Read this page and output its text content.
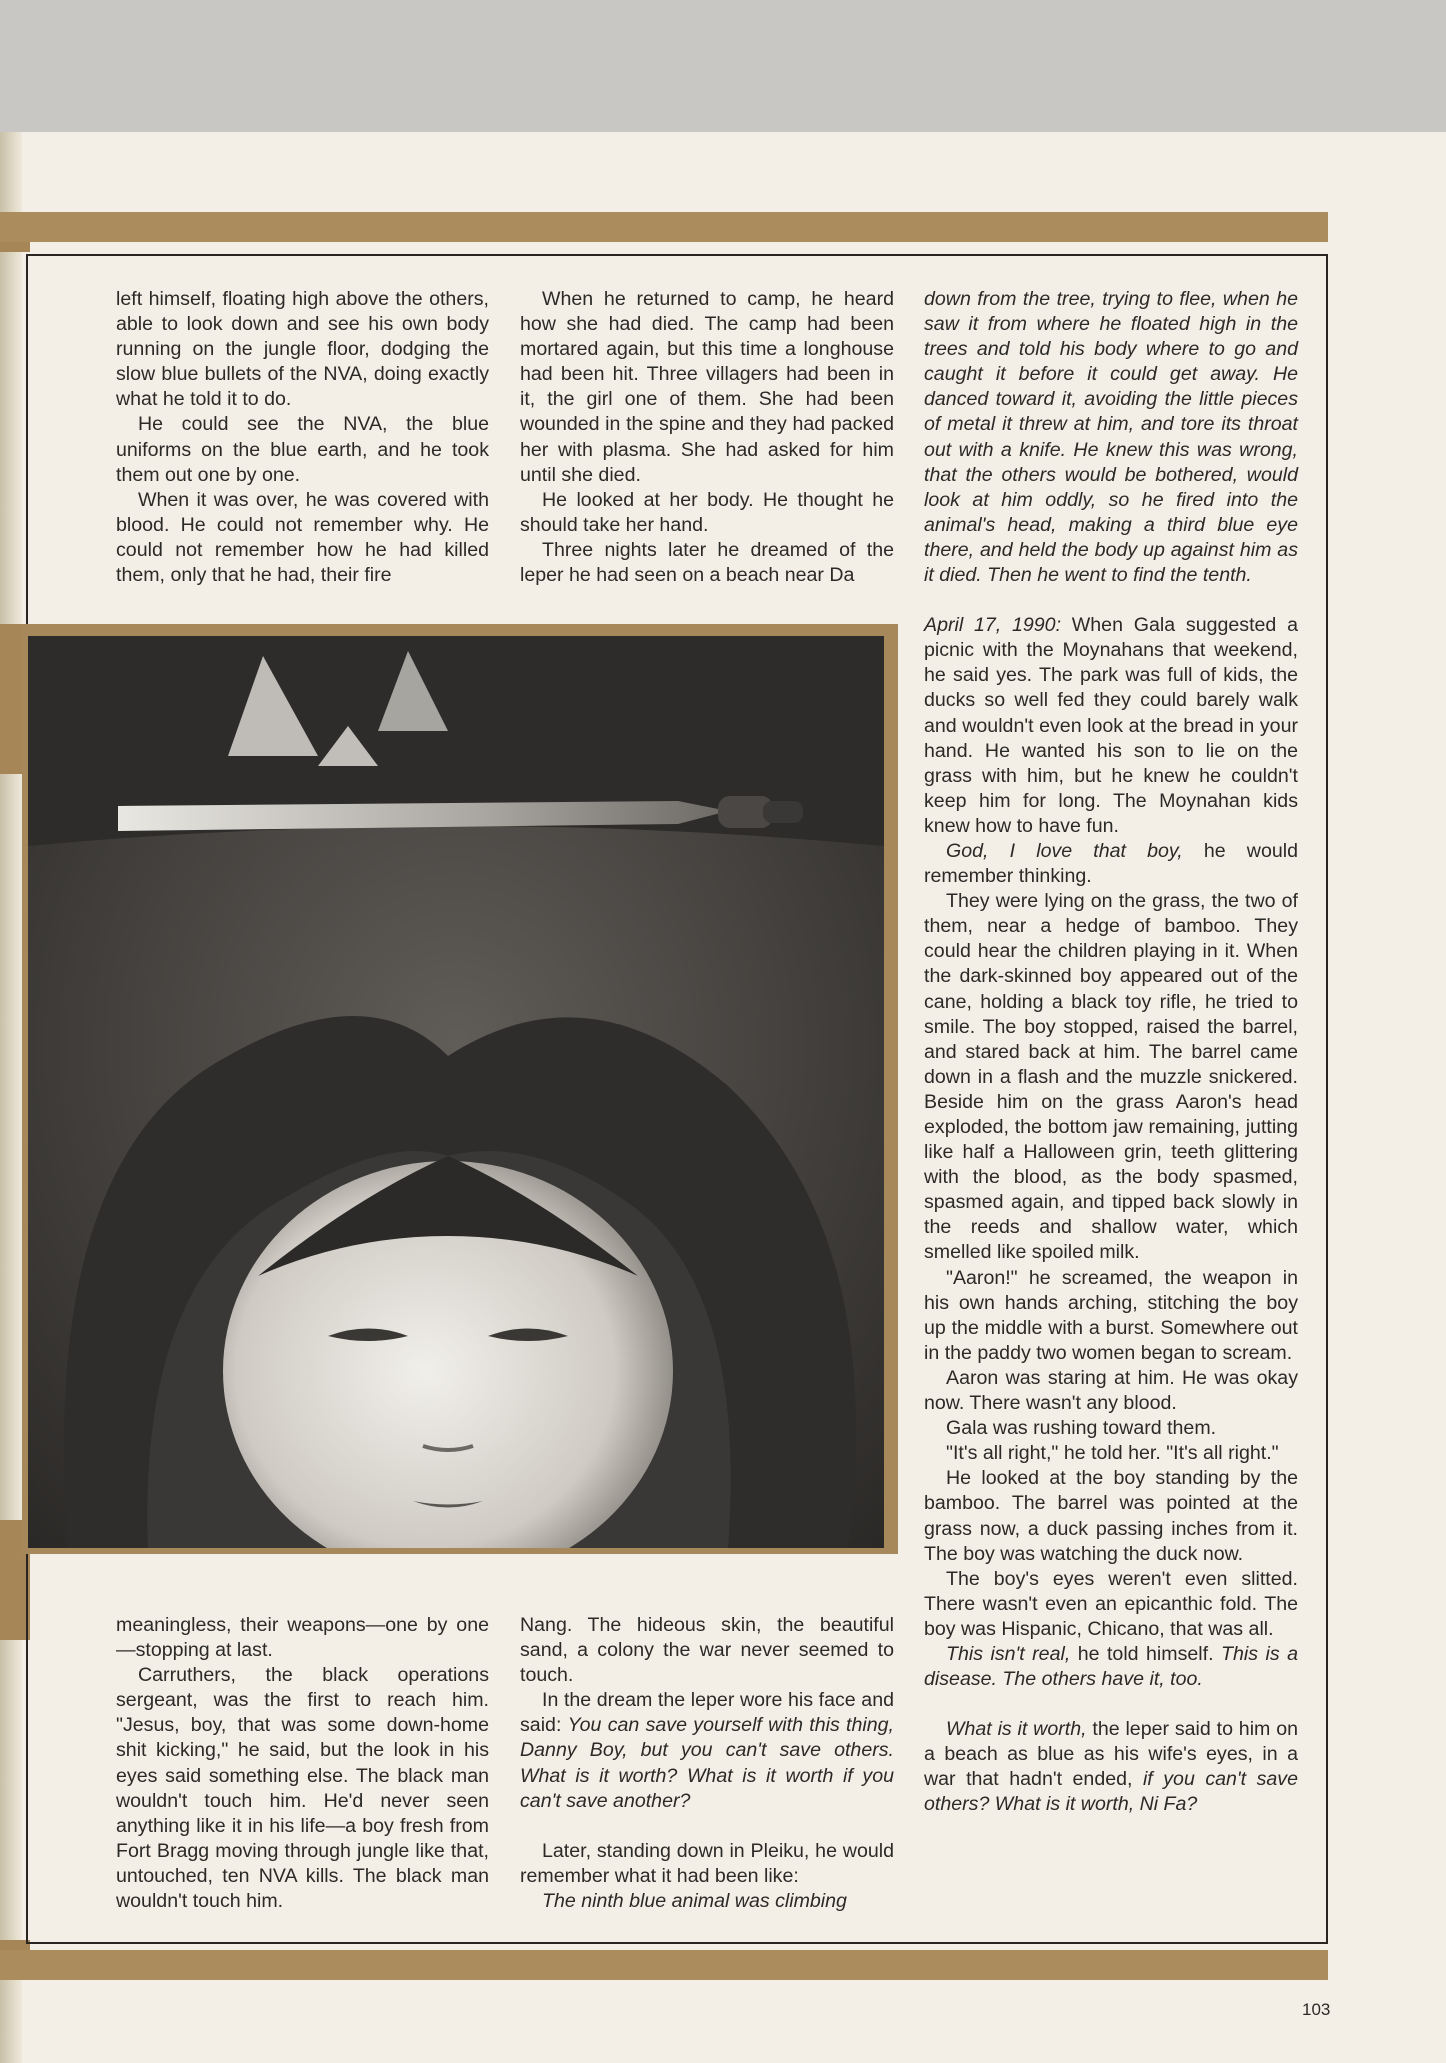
left himself, floating high above the others, able to look down and see his own body running on the jungle floor, dodging the slow blue bullets of the NVA, doing exactly what he told it to do.

He could see the NVA, the blue uniforms on the blue earth, and he took them out one by one.

When it was over, he was covered with blood. He could not remember why. He could not remember how he had killed them, only that he had, their fire

When he returned to camp, he heard how she had died. The camp had been mortared again, but this time a longhouse had been hit. Three villagers had been in it, the girl one of them. She had been wounded in the spine and they had packed her with plasma. She had asked for him until she died.

He looked at her body. He thought he should take her hand.

Three nights later he dreamed of the leper he had seen on a beach near Da

down from the tree, trying to flee, when he saw it from where he floated high in the trees and told his body where to go and caught it before it could get away. He danced toward it, avoiding the little pieces of metal it threw at him, and tore its throat out with a knife. He knew this was wrong, that the others would be bothered, would look at him oddly, so he fired into the animal's head, making a third blue eye there, and held the body up against him as it died. Then he went to find the tenth.

April 17, 1990: When Gala suggested a picnic with the Moynahans that weekend, he said yes. The park was full of kids, the ducks so well fed they could barely walk and wouldn't even look at the bread in your hand. He wanted his son to lie on the grass with him, but he knew he couldn't keep him for long. The Moynahan kids knew how to have fun.

God, I love that boy, he would remember thinking.

They were lying on the grass, the two of them, near a hedge of bamboo. They could hear the children playing in it. When the dark-skinned boy appeared out of the cane, holding a black toy rifle, he tried to smile. The boy stopped, raised the barrel, and stared back at him. The barrel came down in a flash and the muzzle snickered. Beside him on the grass Aaron's head exploded, the bottom jaw remaining, jutting like half a Halloween grin, teeth glittering with the blood, as the body spasmed, spasmed again, and tipped back slowly in the reeds and shallow water, which smelled like spoiled milk.

"Aaron!" he screamed, the weapon in his own hands arching, stitching the boy up the middle with a burst. Somewhere out in the paddy two women began to scream.

Aaron was staring at him. He was okay now. There wasn't any blood.

Gala was rushing toward them.

"It's all right," he told her. "It's all right."

He looked at the boy standing by the bamboo. The barrel was pointed at the grass now, a duck passing inches from it. The boy was watching the duck now.

The boy's eyes weren't even slitted. There wasn't even an epicanthic fold. The boy was Hispanic, Chicano, that was all.

This isn't real, he told himself. This is a disease. The others have it, too.

What is it worth, the leper said to him on a beach as blue as his wife's eyes, in a war that hadn't ended, if you can't save others? What is it worth, Ni Fa?

meaningless, their weapons—one by one—stopping at last.

Carruthers, the black operations sergeant, was the first to reach him. "Jesus, boy, that was some down-home shit kicking," he said, but the look in his eyes said something else. The black man wouldn't touch him. He'd never seen anything like it in his life—a boy fresh from Fort Bragg moving through jungle like that, untouched, ten NVA kills. The black man wouldn't touch him.

Nang. The hideous skin, the beautiful sand, a colony the war never seemed to touch.

In the dream the leper wore his face and said: You can save yourself with this thing, Danny Boy, but you can't save others. What is it worth? What is it worth if you can't save another?

Later, standing down in Pleiku, he would remember what it had been like:

The ninth blue animal was climbing

103
